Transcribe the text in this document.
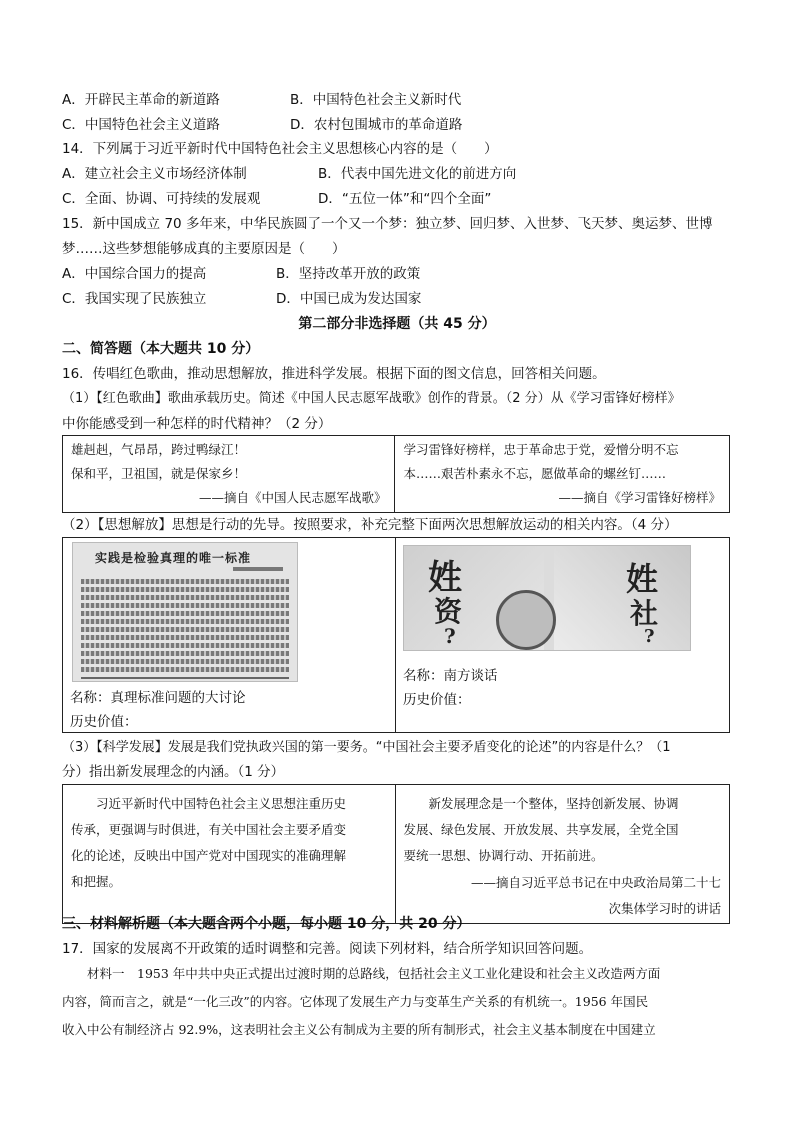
A．开辟民主革命的新道路	B．中国特色社会主义新时代
C．中国特色社会主义道路	D．农村包围城市的革命道路
14．下列属于习近平新时代中国特色社会主义思想核心内容的是（　　）
A．建立社会主义市场经济体制	B．代表中国先进文化的前进方向
C．全面、协调、可持续的发展观	D．“五位一体”和“四个全面”
15．新中国成立 70 多年来，中华民族圆了一个又一个梦：独立梦、回归梦、入世梦、飞天梦、奥运梦、世博
梦……这些梦想能够成真的主要原因是（　　）
A．中国综合国力的提高	B．坚持改革开放的政策
C．我国实现了民族独立	D．中国已成为发达国家
第二部分非选择题（共 45 分）
二、简答题（本大题共 10 分）
16．传唱红色歌曲，推动思想解放，推进科学发展。根据下面的图文信息，回答相关问题。
（1）【红色歌曲】歌曲承载历史。简述《中国人民志愿军战歌》创作的背景。（2 分）从《学习雷锋好榜样》
中你能感受到一种怎样的时代精神？（2 分）
雄赳赳，气昂昂，跨过鸭绿江！
保和平，卫祖国，就是保家乡！
——摘自《中国人民志愿军战歌》

学习雷锋好榜样，忠于革命忠于党，爱憎分明不忘
本……艰苦朴素永不忘，愿做革命的螺丝钉……
——摘自《学习雷锋好榜样》
（2）【思想解放】思想是行动的先导。按照要求，补充完整下面两次思想解放运动的相关内容。（4 分）

实践是检验真理的唯一标准
名称：真理标准问题的大讨论
历史价值：
姓
资
?
姓
社
?
名称：南方谈话
历史价值：
（3）【科学发展】发展是我们党执政兴国的第一要务。“中国社会主要矛盾变化的论述”的内容是什么？（1
分）指出新发展理念的内涵。（1 分）
　　习近平新时代中国特色社会主义思想注重历史
传承，更强调与时俱进，有关中国社会主要矛盾变
化的论述，反映出中国产党对中国现实的准确理解
和把握。

　　新发展理念是一个整体，坚持创新发展、协调
发展、绿色发展、开放发展、共享发展，全党全国
要统一思想、协调行动、开拓前进。
——摘自习近平总书记在中央政治局第二十七
次集体学习时的讲话
三、材料解析题（本大题含两个小题，每小题 10 分，共 20 分）
17．国家的发展离不开政策的适时调整和完善。阅读下列材料，结合所学知识回答问题。
　　材料一　1953 年中共中央正式提出过渡时期的总路线，包括社会主义工业化建设和社会主义改造两方面
内容，简而言之，就是“一化三改”的内容。它体现了发展生产力与变革生产关系的有机统一。1956 年国民
收入中公有制经济占 92.9%，这表明社会主义公有制成为主要的所有制形式，社会主义基本制度在中国建立
